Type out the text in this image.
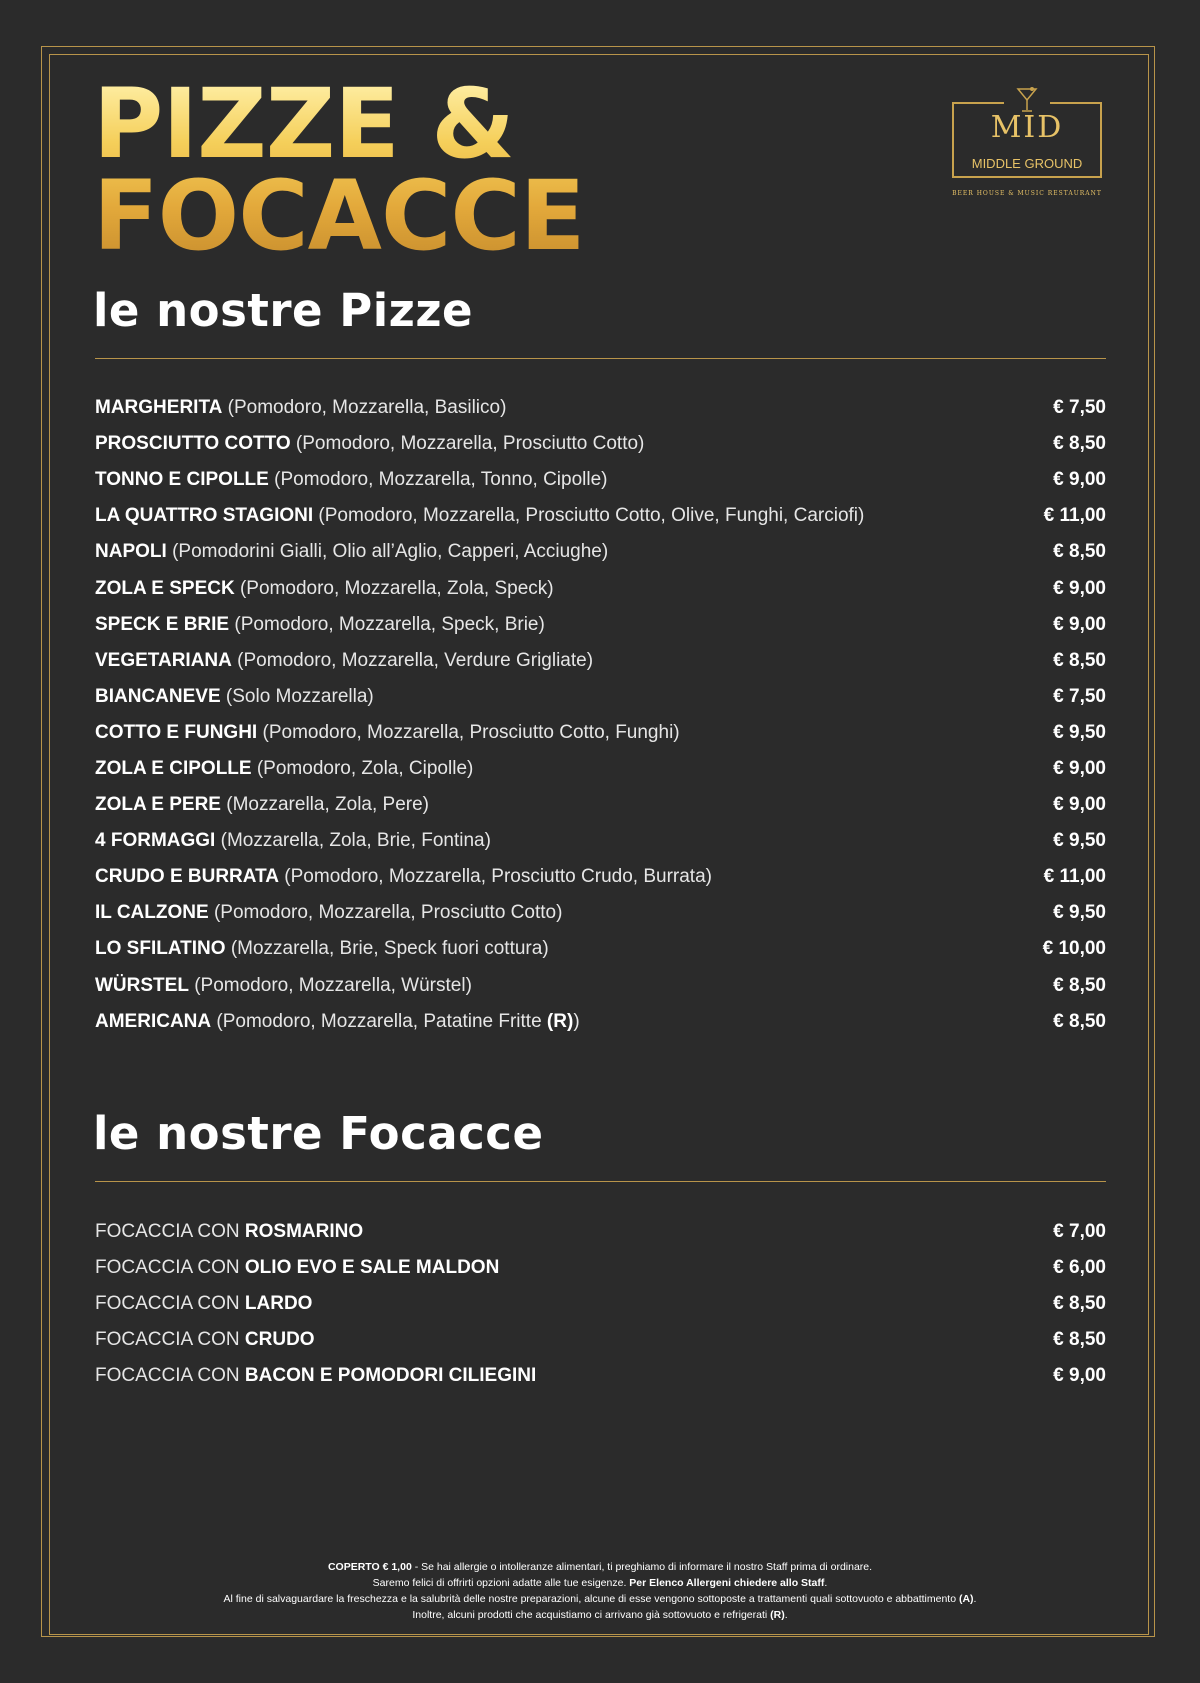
PIZZE &
FOCACCE
MID
MIDDLE GROUND
BEER HOUSE & MUSIC RESTAURANT
le nostre Pizze
MARGHERITA (Pomodoro, Mozzarella, Basilico)	€ 7,50
PROSCIUTTO COTTO (Pomodoro, Mozzarella, Prosciutto Cotto)	€ 8,50
TONNO E CIPOLLE (Pomodoro, Mozzarella, Tonno, Cipolle)	€ 9,00
LA QUATTRO STAGIONI (Pomodoro, Mozzarella, Prosciutto Cotto, Olive, Funghi, Carciofi)	€ 11,00
NAPOLI (Pomodorini Gialli, Olio all’Aglio, Capperi, Acciughe)	€ 8,50
ZOLA E SPECK (Pomodoro, Mozzarella, Zola, Speck)	€ 9,00
SPECK E BRIE (Pomodoro, Mozzarella, Speck, Brie)	€ 9,00
VEGETARIANA (Pomodoro, Mozzarella, Verdure Grigliate)	€ 8,50
BIANCANEVE (Solo Mozzarella)	€ 7,50
COTTO E FUNGHI (Pomodoro, Mozzarella, Prosciutto Cotto, Funghi)	€ 9,50
ZOLA E CIPOLLE (Pomodoro, Zola, Cipolle)	€ 9,00
ZOLA E PERE (Mozzarella, Zola, Pere)	€ 9,00
4 FORMAGGI (Mozzarella, Zola, Brie, Fontina)	€ 9,50
CRUDO E BURRATA (Pomodoro, Mozzarella, Prosciutto Crudo, Burrata)	€ 11,00
IL CALZONE (Pomodoro, Mozzarella, Prosciutto Cotto)	€ 9,50
LO SFILATINO (Mozzarella, Brie, Speck fuori cottura)	€ 10,00
WÜRSTEL (Pomodoro, Mozzarella, Würstel)	€ 8,50
AMERICANA (Pomodoro, Mozzarella, Patatine Fritte (R))	€ 8,50
le nostre Focacce
FOCACCIA CON ROSMARINO	€ 7,00
FOCACCIA CON OLIO EVO E SALE MALDON	€ 6,00
FOCACCIA CON LARDO	€ 8,50
FOCACCIA CON CRUDO	€ 8,50
FOCACCIA CON BACON E POMODORI CILIEGINI	€ 9,00
COPERTO € 1,00 - Se hai allergie o intolleranze alimentari, ti preghiamo di informare il nostro Staff prima di ordinare.
Saremo felici di offrirti opzioni adatte alle tue esigenze. Per Elenco Allergeni chiedere allo Staff.
Al fine di salvaguardare la freschezza e la salubrità delle nostre preparazioni, alcune di esse vengono sottoposte a trattamenti quali sottovuoto e abbattimento (A).
Inoltre, alcuni prodotti che acquistiamo ci arrivano già sottovuoto e refrigerati (R).
